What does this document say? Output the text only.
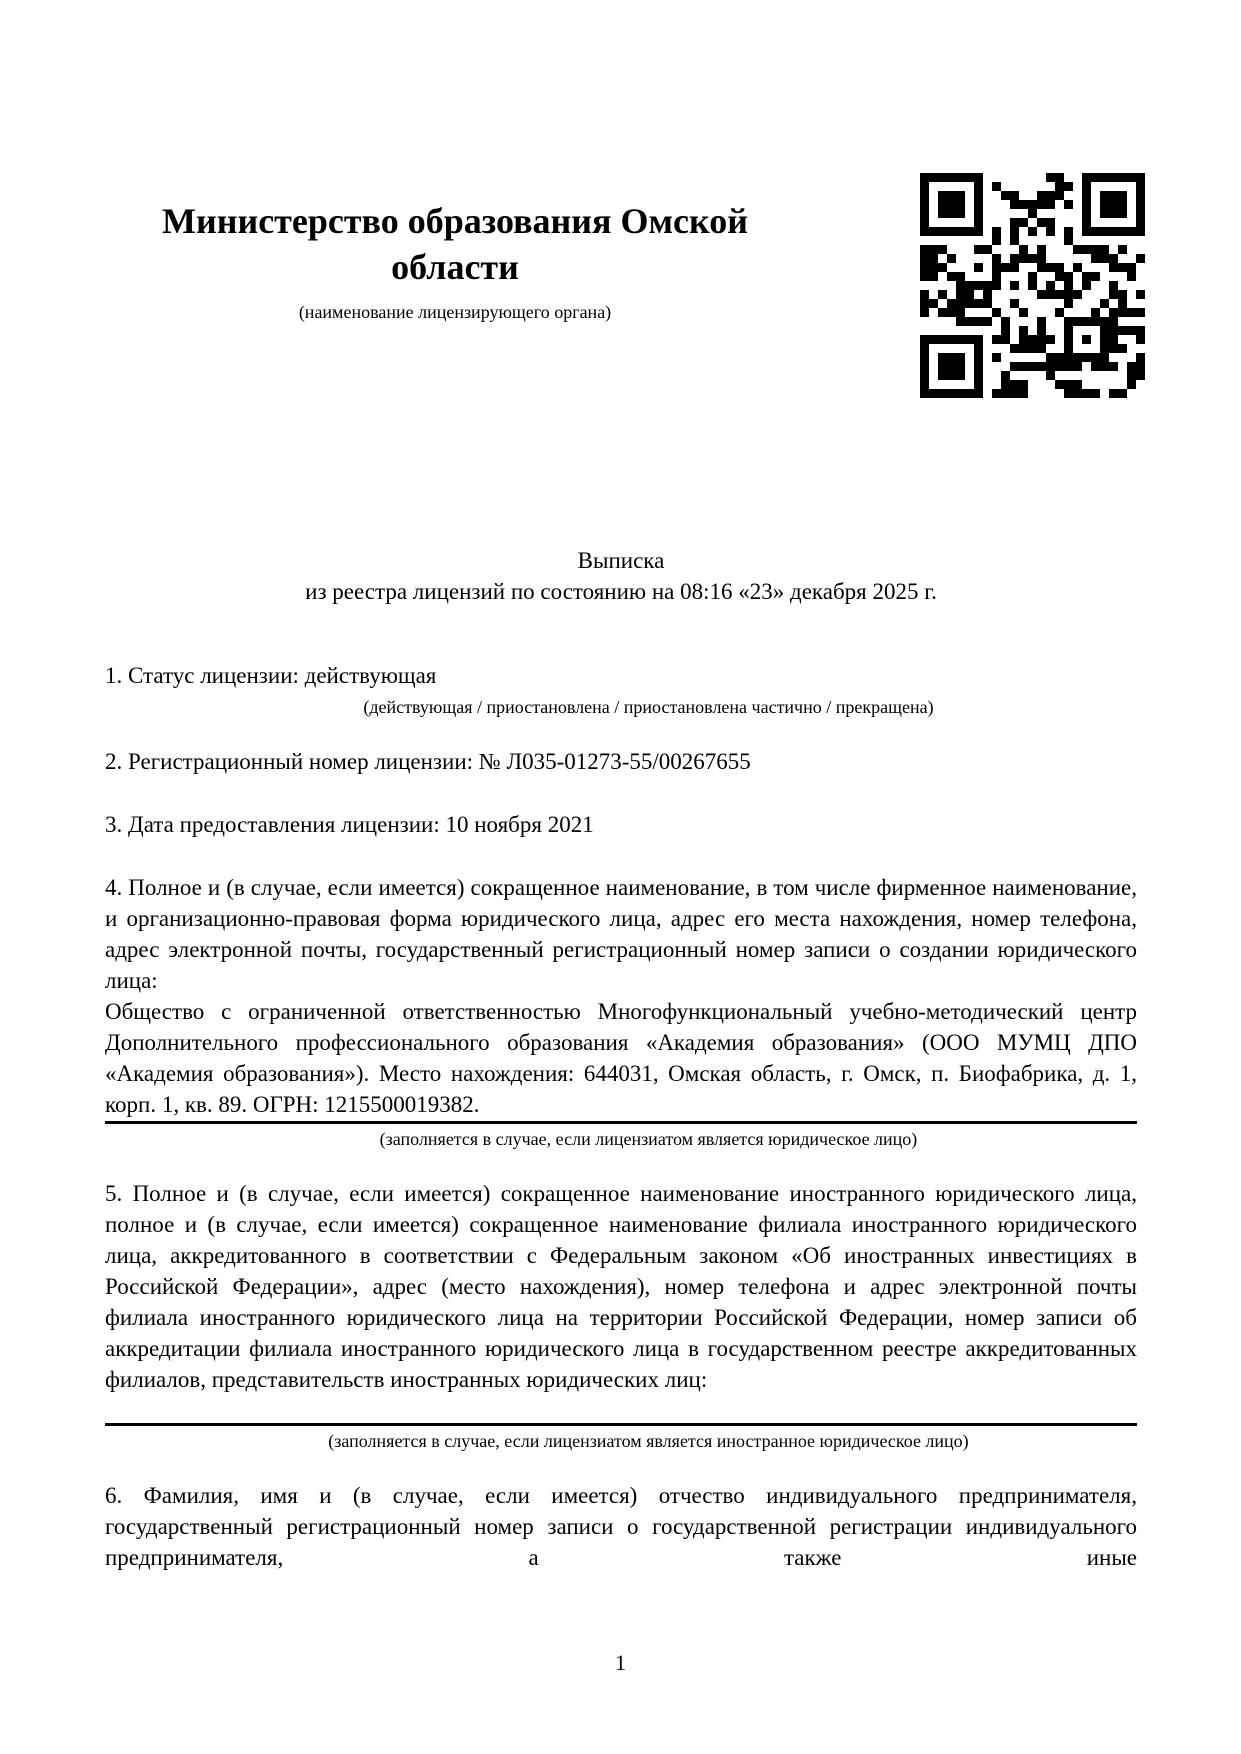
Министерство образования Омской области
(наименование лицензирующего органа)
Выписка
из реестра лицензий по состоянию на 08:16 «23» декабря 2025 г.

1. Статус лицензии: действующая

(действующая / приостановлена / приостановлена частично / прекращена)

2. Регистрационный номер лицензии: № Л035-01273-55/00267655

3. Дата предоставления лицензии: 10 ноября 2021

4. Полное и (в случае, если имеется) сокращенное наименование, в том числе фирменное наименование, и организационно-правовая форма юридического лица, адрес его места нахождения, номер телефона, адрес электронной почты, государственный регистрационный номер записи о создании юридического лица:

Общество с ограниченной ответственностью Многофункциональный учебно-методический центр Дополнительного профессионального образования «Академия образования» (ООО МУМЦ ДПО «Академия образования»). Место нахождения: 644031, Омская область, г. Омск, п. Биофабрика, д. 1, корп. 1, кв. 89. ОГРН: 1215500019382.

(заполняется в случае, если лицензиатом является юридическое лицо)

5. Полное и (в случае, если имеется) сокращенное наименование иностранного юридического лица, полное и (в случае, если имеется) сокращенное наименование филиала иностранного юридического лица, аккредитованного в соответствии с Федеральным законом «Об иностранных инвестициях в Российской Федерации», адрес (место нахождения), номер телефона и адрес электронной почты филиала иностранного юридического лица на территории Российской Федерации, номер записи об аккредитации филиала иностранного юридического лица в государственном реестре аккредитованных филиалов, представительств иностранных юридических лиц:

(заполняется в случае, если лицензиатом является иностранное юридическое лицо)

6. Фамилия, имя и (в случае, если имеется) отчество индивидуального предпринимателя, государственный регистрационный номер записи о государственной регистрации индивидуального предпринимателя, а также иные

1
